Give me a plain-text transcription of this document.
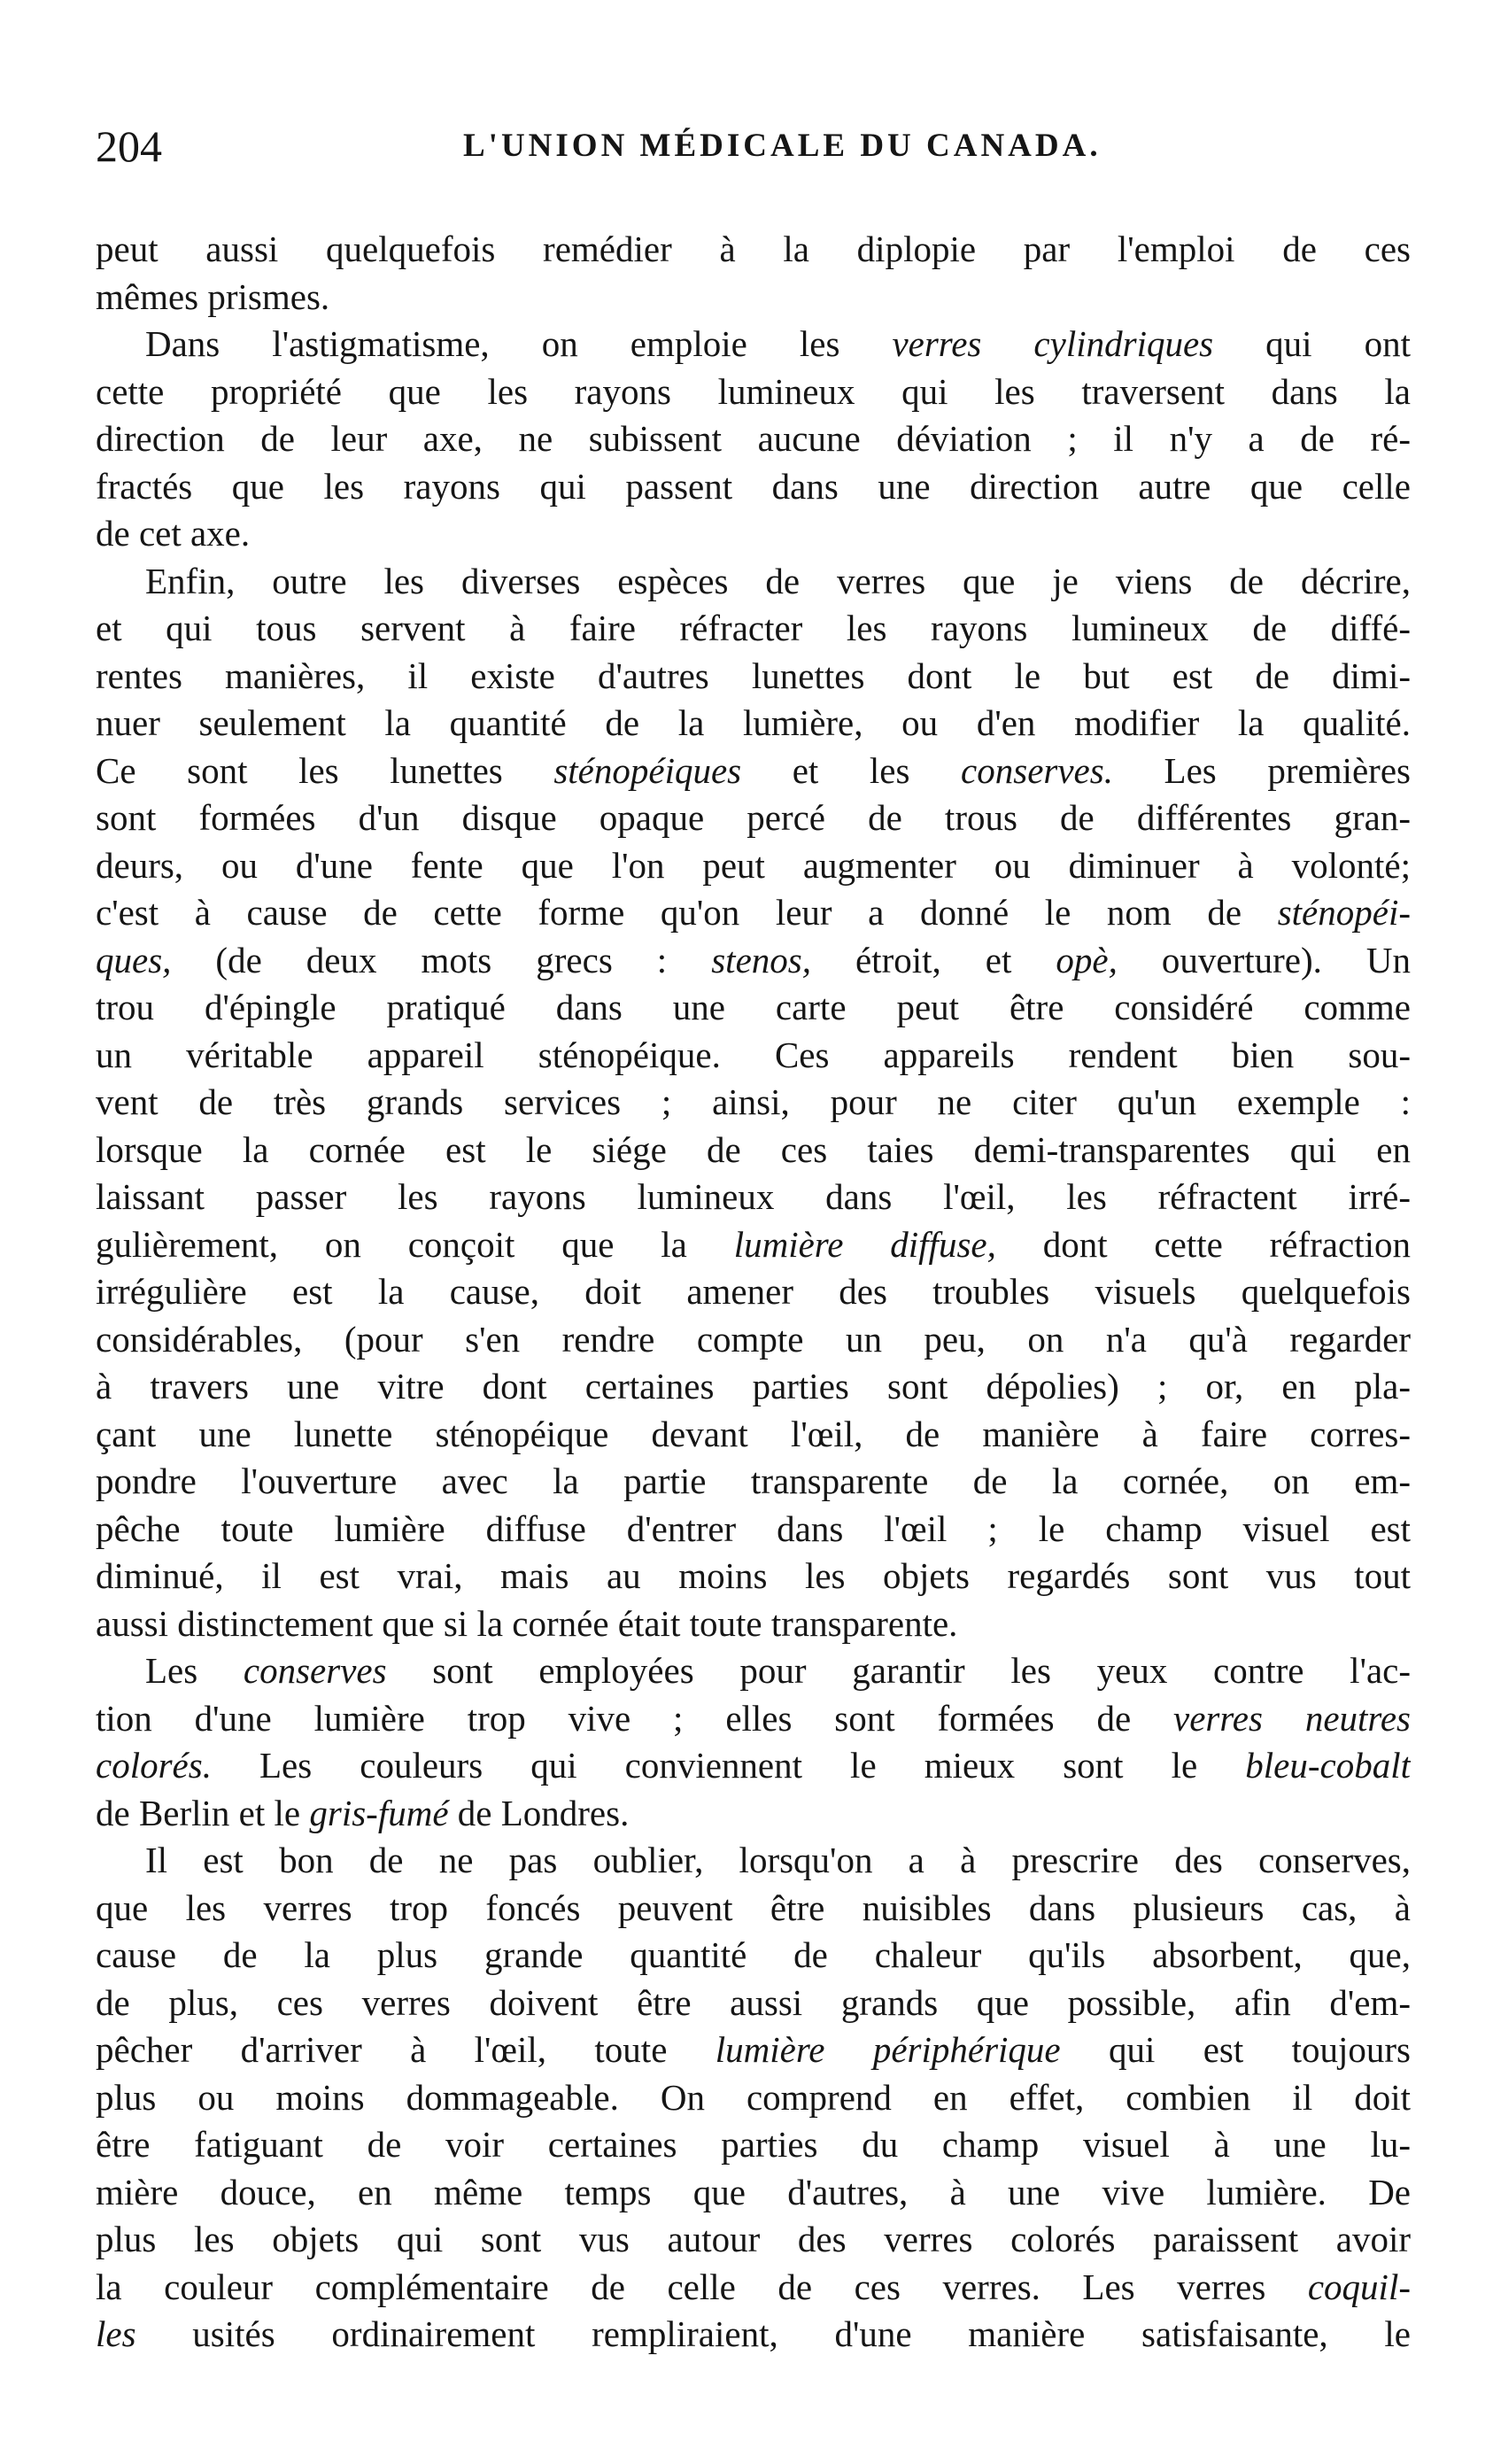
204	L'UNION MÉDICALE DU CANADA.
peut aussi quelquefois remédier à la diplopie par l'emploi de ces
mêmes prismes.
Dans l'astigmatisme, on emploie les verres cylindriques qui ont
cette propriété que les rayons lumineux qui les traversent dans la
direction de leur axe, ne subissent aucune déviation ; il n'y a de ré-
fractés que les rayons qui passent dans une direction autre que celle
de cet axe.
Enfin, outre les diverses espèces de verres que je viens de décrire,
et qui tous servent à faire réfracter les rayons lumineux de diffé-
rentes manières, il existe d'autres lunettes dont le but est de dimi-
nuer seulement la quantité de la lumière, ou d'en modifier la qualité.
Ce sont les lunettes sténopéiques et les conserves. Les premières
sont formées d'un disque opaque percé de trous de différentes gran-
deurs, ou d'une fente que l'on peut augmenter ou diminuer à volonté;
c'est à cause de cette forme qu'on leur a donné le nom de sténopéi-
ques, (de deux mots grecs : stenos, étroit, et opè, ouverture). Un
trou d'épingle pratiqué dans une carte peut être considéré comme
un véritable appareil sténopéique. Ces appareils rendent bien sou-
vent de très grands services ; ainsi, pour ne citer qu'un exemple :
lorsque la cornée est le siége de ces taies demi-transparentes qui en
laissant passer les rayons lumineux dans l'œil, les réfractent irré-
gulièrement, on conçoit que la lumière diffuse, dont cette réfraction
irrégulière est la cause, doit amener des troubles visuels quelquefois
considérables, (pour s'en rendre compte un peu, on n'a qu'à regarder
à travers une vitre dont certaines parties sont dépolies) ; or, en pla-
çant une lunette sténopéique devant l'œil, de manière à faire corres-
pondre l'ouverture avec la partie transparente de la cornée, on em-
pêche toute lumière diffuse d'entrer dans l'œil ; le champ visuel est
diminué, il est vrai, mais au moins les objets regardés sont vus tout
aussi distinctement que si la cornée était toute transparente.
Les conserves sont employées pour garantir les yeux contre l'ac-
tion d'une lumière trop vive ; elles sont formées de verres neutres
colorés. Les couleurs qui conviennent le mieux sont le bleu-cobalt
de Berlin et le gris-fumé de Londres.
Il est bon de ne pas oublier, lorsqu'on a à prescrire des conserves,
que les verres trop foncés peuvent être nuisibles dans plusieurs cas, à
cause de la plus grande quantité de chaleur qu'ils absorbent, que,
de plus, ces verres doivent être aussi grands que possible, afin d'em-
pêcher d'arriver à l'œil, toute lumière périphérique qui est toujours
plus ou moins dommageable. On comprend en effet, combien il doit
être fatiguant de voir certaines parties du champ visuel à une lu-
mière douce, en même temps que d'autres, à une vive lumière. De
plus les objets qui sont vus autour des verres colorés paraissent avoir
la couleur complémentaire de celle de ces verres. Les verres coquil-
les usités ordinairement rempliraient, d'une manière satisfaisante, le
